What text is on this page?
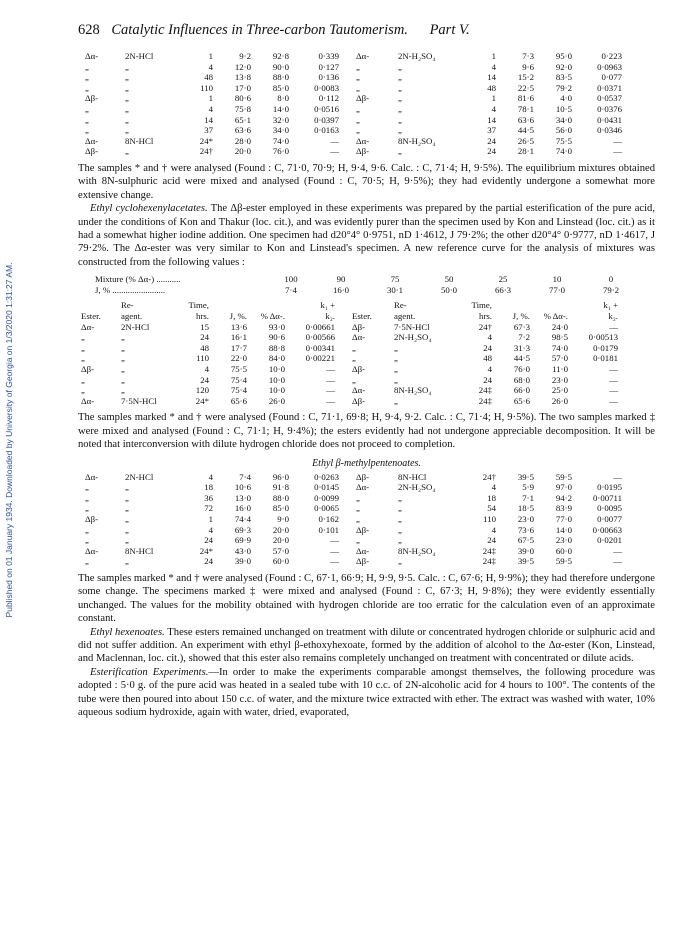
Published on 01 January 1934. Downloaded by University of Georgia on 1/3/2020 1:31:27 AM.
628 Catalytic Influences in Three-carbon Tautomerism. Part V.
Δα-	2N-HCl	1	9·2	92·8	0·339	Δα-	2N-H₂SO₄	1	7·3	95·0	0·223
„	„	4	12·0	90·0	0·127	„	„	4	9·6	92·0	0·0963
„	„	48	13·8	88·0	0·136	„	„	14	15·2	83·5	0·077
„	„	110	17·0	85·0	0·0083	„	„	48	22·5	79·2	0·0371
Δβ-	„	1	80·6	8·0	0·112	Δβ-	„	1	81·6	4·0	0·0537
„	„	4	75·8	14·0	0·0516	„	„	4	78·1	10·5	0·0376
„	„	14	65·1	32·0	0·0397	„	„	14	63·6	34·0	0·0431
„	„	37	63·6	34·0	0·0163	„	„	37	44·5	56·0	0·0346
Δα-	8N-HCl	24*	28·0	74·0	—	Δα-	8N-H₂SO₄	24	26·5	75·5	—
Δβ-	„	24†	20·0	76·0	—	Δβ-	„	24	28·1	74·0	—

The samples * and † were analysed (Found : C, 71·0, 70·9; H, 9·4, 9·6. Calc. : C, 71·4; H, 9·5%). The equilibrium mixtures obtained with 8N-sulphuric acid were mixed and analysed (Found : C, 70·5; H, 9·5%); they had evidently undergone a somewhat more extensive change.

Ethyl cyclohexenylacetates. The Δβ-ester employed in these experiments was prepared by the partial esterification of the pure acid, under the conditions of Kon and Thakur (loc. cit.), and was evidently purer than the specimen used by Kon and Linstead (loc. cit.) as it had a somewhat higher iodine addition. One specimen had d20°4° 0·9751, nD 1·4612, J 79·2%; the other d20°4° 0·9777, nD 1·4617, J 79·2%. The Δα-ester was very similar to Kon and Linstead's specimen. A new reference curve for the analysis of mixtures was constructed from the following values :

Mixture (% Δα-) ...........	100	90	75	50	25	10	0
J, % ........................	7·4	16·0	30·1	50·0	66·3	77·0	79·2
	Re-	Time,			k₁ +		Re-	Time,			k₁ +
Ester.	agent.	hrs.	J, %.	% Δα-.	k₂.	Ester.	agent.	hrs.	J, %.	% Δα-.	k₂.
Δα-	2N-HCl	15	13·6	93·0	0·00661	Δβ-	7·5N-HCl	24†	67·3	24·0	—
„	„	24	16·1	90·6	0·00566	Δα-	2N-H₂SO₄	4	7·2	98·5	0·00513
„	„	48	17·7	88·8	0·00341	„	„	24	31·3	74·0	0·0179
„	„	110	22·0	84·0	0·00221	„	„	48	44·5	57·0	0·0181
Δβ-	„	4	75·5	10·0	—	Δβ-	„	4	76·0	11·0	—
„	„	24	75·4	10·0	—	„	„	24	68·0	23·0	—
„	„	120	75·4	10·0	—	Δα-	8N-H₂SO₄	24‡	66·0	25·0	—
Δα-	7·5N-HCl	24*	65·6	26·0	—	Δβ-	„	24‡	65·6	26·0	—

The samples marked * and † were analysed (Found : C, 71·1, 69·8; H, 9·4, 9·2. Calc. : C, 71·4; H, 9·5%). The two samples marked ‡ were mixed and analysed (Found : C, 71·1; H, 9·4%); the esters evidently had not undergone appreciable decomposition. It will be noted that interconversion with dilute hydrogen chloride does not proceed to completion.

Ethyl β-methylpentenoates.
Δα-	2N-HCl	4	7·4	96·0	0·0263	Δβ-	8N-HCl	24†	39·5	59·5	—
„	„	18	10·6	91·8	0·0145	Δα-	2N-H₂SO₄	4	5·9	97·0	0·0195
„	„	36	13·0	88·0	0·0099	„	„	18	7·1	94·2	0·00711
„	„	72	16·0	85·0	0·0065	„	„	54	18·5	83·9	0·0095
Δβ-	„	1	74·4	9·0	0·162	„	„	110	23·0	77·0	0·0077
„	„	4	69·3	20·0	0·101	Δβ-	„	4	73·6	14·0	0·00663
„	„	24	69·9	20·0	—	„	„	24	67·5	23·0	0·0201
Δα-	8N-HCl	24*	43·0	57·0	—	Δα-	8N-H₂SO₄	24‡	39·0	60·0	—
„	„	24	39·0	60·0	—	Δβ-	„	24‡	39·5	59·5	—

The samples marked * and † were analysed (Found : C, 67·1, 66·9; H, 9·9, 9·5. Calc. : C, 67·6; H, 9·9%); they had therefore undergone some change. The specimens marked ‡ were mixed and analysed (Found : C, 67·3; H, 9·8%); they were evidently essentially unchanged. The values for the mobility obtained with hydrogen chloride are too erratic for the calculation even of an approximate constant.

Ethyl hexenoates. These esters remained unchanged on treatment with dilute or concentrated hydrogen chloride or sulphuric acid and did not suffer addition. An experiment with ethyl β-ethoxyhexoate, formed by the addition of alcohol to the Δα-ester (Kon, Linstead, and Maclennan, loc. cit.), showed that this ester also remains completely unchanged on treatment with concentrated or dilute acids.

Esterification Experiments.—In order to make the experiments comparable amongst themselves, the following procedure was adopted : 5·0 g. of the pure acid was heated in a sealed tube with 10 c.c. of 2N-alcoholic acid for 4 hours to 100°. The contents of the tube were then poured into about 150 c.c. of water, and the mixture twice extracted with ether. The extract was washed with water, 10% aqueous sodium hydroxide, again with water, dried, evaporated,
